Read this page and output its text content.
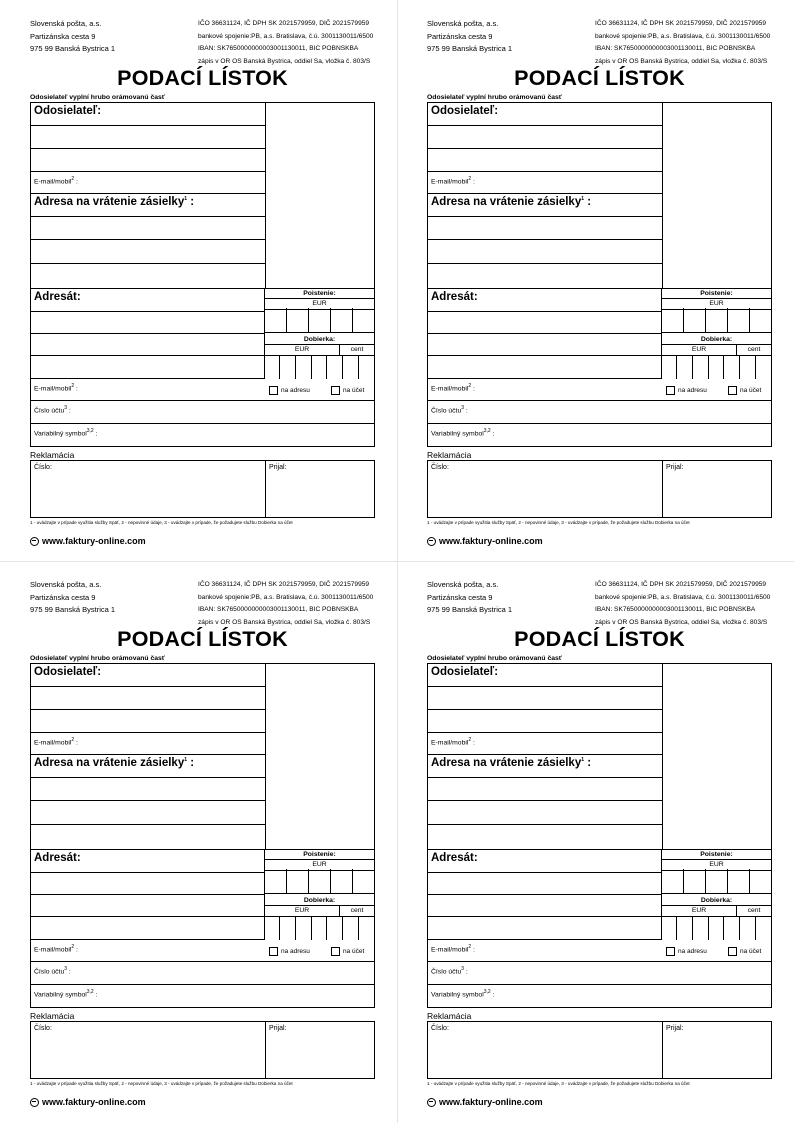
Slovenská pošta, a.s.
Partizánska cesta 9
975 99 Banská Bystrica 1
IČO 36631124, IČ DPH SK 2021579959, DIČ 2021579959
bankové spojenie:PB, a.s. Bratislava, č.ú. 3001130011/6500
IBAN: SK7650000000003001130011, BIC POBNSKBA
zápis v OR OS Banská Bystrica, oddiel Sa, vložka č. 803/S
PODACÍ LÍSTOK
Odosielateľ vyplní hrubo orámovanú časť
Odosielateľ:
E-mail/mobil$^2$ :
Adresa na vrátenie zásielky$^1$ :
Adresát:
E-mail/mobil$^2$ :
Poistenie:
EUR
Dobierka:
EUR	cent
na adresu	na účet
Číslo účtu$^3$ :
Variabilný symbol$^{3,2}$ :
Reklamácia
Číslo:	Prijal:
1 - uvádzajte v prípade využitia služby Späť, 2 - nepovinné údaje, 3 - uvádzajte v prípade, že požadujete službu Dobierka na účet
www.faktury-online.com
Slovenská pošta, a.s.
Partizánska cesta 9
975 99 Banská Bystrica 1
IČO 36631124, IČ DPH SK 2021579959, DIČ 2021579959
bankové spojenie:PB, a.s. Bratislava, č.ú. 3001130011/6500
IBAN: SK7650000000003001130011, BIC POBNSKBA
zápis v OR OS Banská Bystrica, oddiel Sa, vložka č. 803/S
PODACÍ LÍSTOK
Odosielateľ vyplní hrubo orámovanú časť
Odosielateľ:
E-mail/mobil$^2$ :
Adresa na vrátenie zásielky$^1$ :
Adresát:
E-mail/mobil$^2$ :
Poistenie:
EUR
Dobierka:
EUR	cent
na adresu	na účet
Číslo účtu$^3$ :
Variabilný symbol$^{3,2}$ :
Reklamácia
Číslo:	Prijal:
1 - uvádzajte v prípade využitia služby Späť, 2 - nepovinné údaje, 3 - uvádzajte v prípade, že požadujete službu Dobierka na účet
www.faktury-online.com
Slovenská pošta, a.s.
Partizánska cesta 9
975 99 Banská Bystrica 1
IČO 36631124, IČ DPH SK 2021579959, DIČ 2021579959
bankové spojenie:PB, a.s. Bratislava, č.ú. 3001130011/6500
IBAN: SK7650000000003001130011, BIC POBNSKBA
zápis v OR OS Banská Bystrica, oddiel Sa, vložka č. 803/S
PODACÍ LÍSTOK
Odosielateľ vyplní hrubo orámovanú časť
Odosielateľ:
E-mail/mobil$^2$ :
Adresa na vrátenie zásielky$^1$ :
Adresát:
E-mail/mobil$^2$ :
Poistenie:
EUR
Dobierka:
EUR	cent
na adresu	na účet
Číslo účtu$^3$ :
Variabilný symbol$^{3,2}$ :
Reklamácia
Číslo:	Prijal:
1 - uvádzajte v prípade využitia služby Späť, 2 - nepovinné údaje, 3 - uvádzajte v prípade, že požadujete službu Dobierka na účet
www.faktury-online.com
Slovenská pošta, a.s.
Partizánska cesta 9
975 99 Banská Bystrica 1
IČO 36631124, IČ DPH SK 2021579959, DIČ 2021579959
bankové spojenie:PB, a.s. Bratislava, č.ú. 3001130011/6500
IBAN: SK7650000000003001130011, BIC POBNSKBA
zápis v OR OS Banská Bystrica, oddiel Sa, vložka č. 803/S
PODACÍ LÍSTOK
Odosielateľ vyplní hrubo orámovanú časť
Odosielateľ:
E-mail/mobil$^2$ :
Adresa na vrátenie zásielky$^1$ :
Adresát:
E-mail/mobil$^2$ :
Poistenie:
EUR
Dobierka:
EUR	cent
na adresu	na účet
Číslo účtu$^3$ :
Variabilný symbol$^{3,2}$ :
Reklamácia
Číslo:	Prijal:
1 - uvádzajte v prípade využitia služby Späť, 2 - nepovinné údaje, 3 - uvádzajte v prípade, že požadujete službu Dobierka na účet
www.faktury-online.com
